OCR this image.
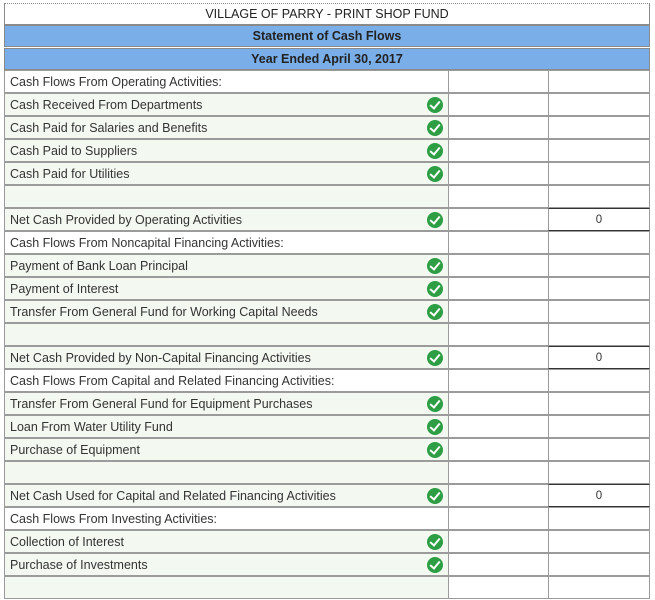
VILLAGE OF PARRY - PRINT SHOP FUND
Statement of Cash Flows
Year Ended April 30, 2017
Cash Flows From Operating Activities:
Cash Received From Departments
Cash Paid for Salaries and Benefits
Cash Paid to Suppliers
Cash Paid for Utilities
Net Cash Provided by Operating Activities	0
Cash Flows From Noncapital Financing Activities:
Payment of Bank Loan Principal
Payment of Interest
Transfer From General Fund for Working Capital Needs
Net Cash Provided by Non-Capital Financing Activities	0
Cash Flows From Capital and Related Financing Activities:
Transfer From General Fund for Equipment Purchases
Loan From Water Utility Fund
Purchase of Equipment
Net Cash Used for Capital and Related Financing Activities	0
Cash Flows From Investing Activities:
Collection of Interest
Purchase of Investments
